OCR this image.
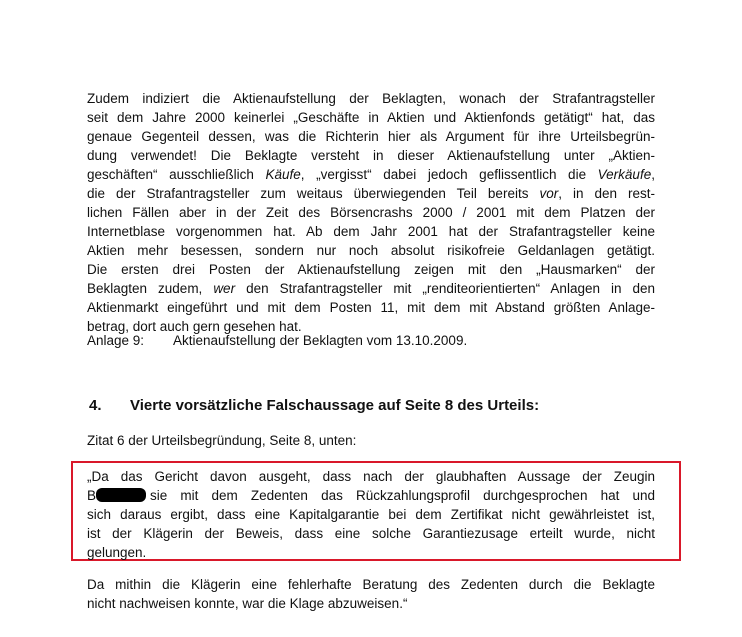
Zudem indiziert die Aktienaufstellung der Beklagten, wonach der Strafantragsteller
seit dem Jahre 2000 keinerlei „Geschäfte in Aktien und Aktienfonds getätigt“ hat, das
genaue Gegenteil dessen, was die Richterin hier als Argument für ihre Urteilsbegrün-
dung verwendet! Die Beklagte versteht in dieser Aktienaufstellung unter „Aktien-
geschäften“ ausschließlich Käufe, „vergisst“ dabei jedoch geflissentlich die Verkäufe,
die der Strafantragsteller zum weitaus überwiegenden Teil bereits vor, in den rest-
lichen Fällen aber in der Zeit des Börsencrashs 2000 / 2001 mit dem Platzen der
Internetblase vorgenommen hat. Ab dem Jahr 2001 hat der Strafantragsteller keine
Aktien mehr besessen, sondern nur noch absolut risikofreie Geldanlagen getätigt.
Die ersten drei Posten der Aktienaufstellung zeigen mit den „Hausmarken“ der
Beklagten zudem, wer den Strafantragsteller mit „renditeorientierten“ Anlagen in den
Aktienmarkt eingeführt und mit dem Posten 11, mit dem mit Abstand größten Anlage-
betrag, dort auch gern gesehen hat.
Anlage 9: Aktienaufstellung der Beklagten vom 13.10.2009.
4. Vierte vorsätzliche Falschaussage auf Seite 8 des Urteils:
Zitat 6 der Urteilsbegründung, Seite 8, unten:
„Da das Gericht davon ausgeht, dass nach der glaubhaften Aussage der Zeugin
B	sie mit dem Zedenten das Rückzahlungsprofil durchgesprochen hat und
sich daraus ergibt, dass eine Kapitalgarantie bei dem Zertifikat nicht gewährleistet ist,
ist der Klägerin der Beweis, dass eine solche Garantiezusage erteilt wurde, nicht
gelungen.
Da mithin die Klägerin eine fehlerhafte Beratung des Zedenten durch die Beklagte
nicht nachweisen konnte, war die Klage abzuweisen.“
